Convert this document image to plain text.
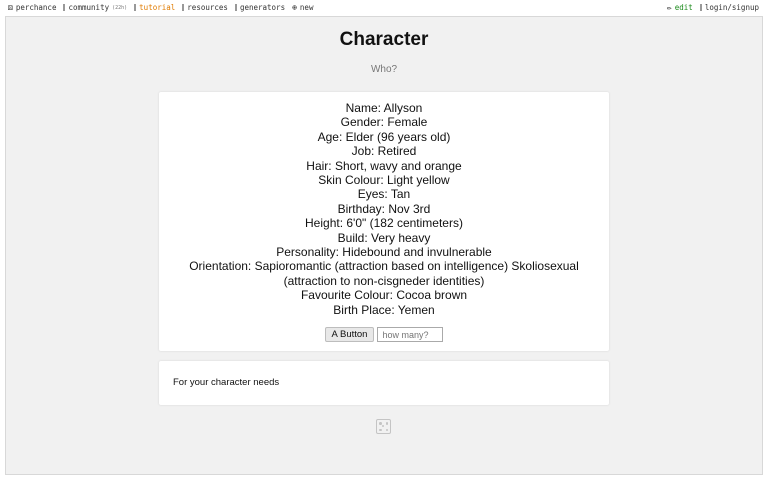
⚄ perchance community (22h) tutorial resources generators ⊕ new	✏ edit login/signup
Character
Who?
Name: Allyson
Gender: Female
Age: Elder (96 years old)
Job: Retired
Hair: Short, wavy and orange
Skin Colour: Light yellow
Eyes: Tan
Birthday: Nov 3rd
Height: 6'0" (182 centimeters)
Build: Very heavy
Personality: Hidebound and invulnerable
Orientation: Sapioromantic (attraction based on intelligence) Skoliosexual (attraction to non-cisgneder identities)
Favourite Colour: Cocoa brown
Birth Place: Yemen
A Button
how many?
For your character needs
